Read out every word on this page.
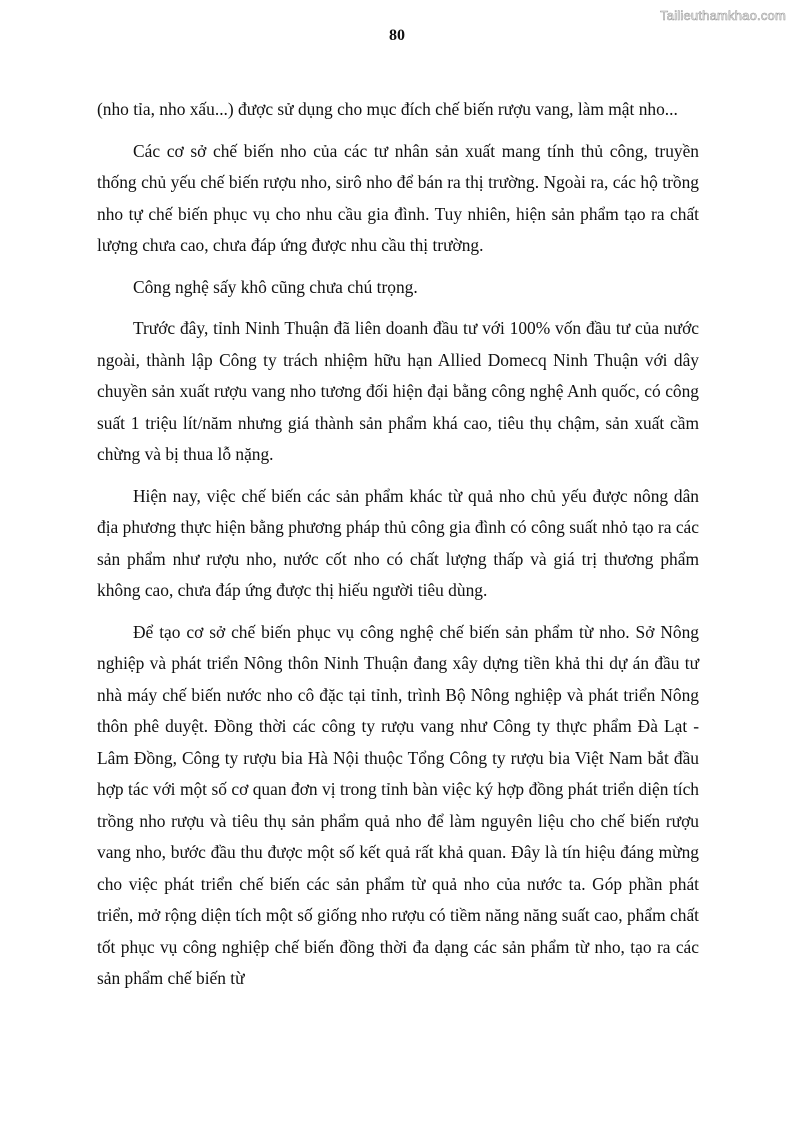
Tailieuthamkhao.com
80

(nho tỉa, nho xấu...) được sử dụng cho mục đích chế biến rượu vang, làm mật nho...

Các cơ sở chế biến nho của các tư nhân sản xuất mang tính thủ công, truyền thống chủ yếu chế biến rượu nho, sirô nho để bán ra thị trường. Ngoài ra, các hộ trồng nho tự chế biến phục vụ cho nhu cầu gia đình. Tuy nhiên, hiện sản phẩm tạo ra chất lượng chưa cao, chưa đáp ứng được nhu cầu thị trường.

Công nghệ sấy khô cũng chưa chú trọng.

Trước đây, tỉnh Ninh Thuận đã liên doanh đầu tư với 100% vốn đầu tư của nước ngoài, thành lập Công ty trách nhiệm hữu hạn Allied Domecq Ninh Thuận với dây chuyền sản xuất rượu vang nho tương đối hiện đại bằng công nghệ Anh quốc, có công suất 1 triệu lít/năm nhưng giá thành sản phẩm khá cao, tiêu thụ chậm, sản xuất cầm chừng và bị thua lỗ nặng.

Hiện nay, việc chế biến các sản phẩm khác từ quả nho chủ yếu được nông dân địa phương thực hiện bằng phương pháp thủ công gia đình có công suất nhỏ tạo ra các sản phẩm như rượu nho, nước cốt nho có chất lượng thấp và giá trị thương phẩm không cao, chưa đáp ứng được thị hiếu người tiêu dùng.

Để tạo cơ sở chế biến phục vụ công nghệ chế biến sản phẩm từ nho. Sở Nông nghiệp và phát triển Nông thôn Ninh Thuận đang xây dựng tiền khả thi dự án đầu tư nhà máy chế biến nước nho cô đặc tại tỉnh, trình Bộ Nông nghiệp và phát triển Nông thôn phê duyệt. Đồng thời các công ty rượu vang như Công ty thực phẩm Đà Lạt - Lâm Đồng, Công ty rượu bia Hà Nội thuộc Tổng Công ty rượu bia Việt Nam bắt đầu hợp tác với một số cơ quan đơn vị trong tỉnh bàn việc ký hợp đồng phát triển diện tích trồng nho rượu và tiêu thụ sản phẩm quả nho để làm nguyên liệu cho chế biến rượu vang nho, bước đầu thu được một số kết quả rất khả quan. Đây là tín hiệu đáng mừng cho việc phát triển chế biến các sản phẩm từ quả nho của nước ta. Góp phần phát triển, mở rộng diện tích một số giống nho rượu có tiềm năng năng suất cao, phẩm chất tốt phục vụ công nghiệp chế biến đồng thời đa dạng các sản phẩm từ nho, tạo ra các sản phẩm chế biến từ
